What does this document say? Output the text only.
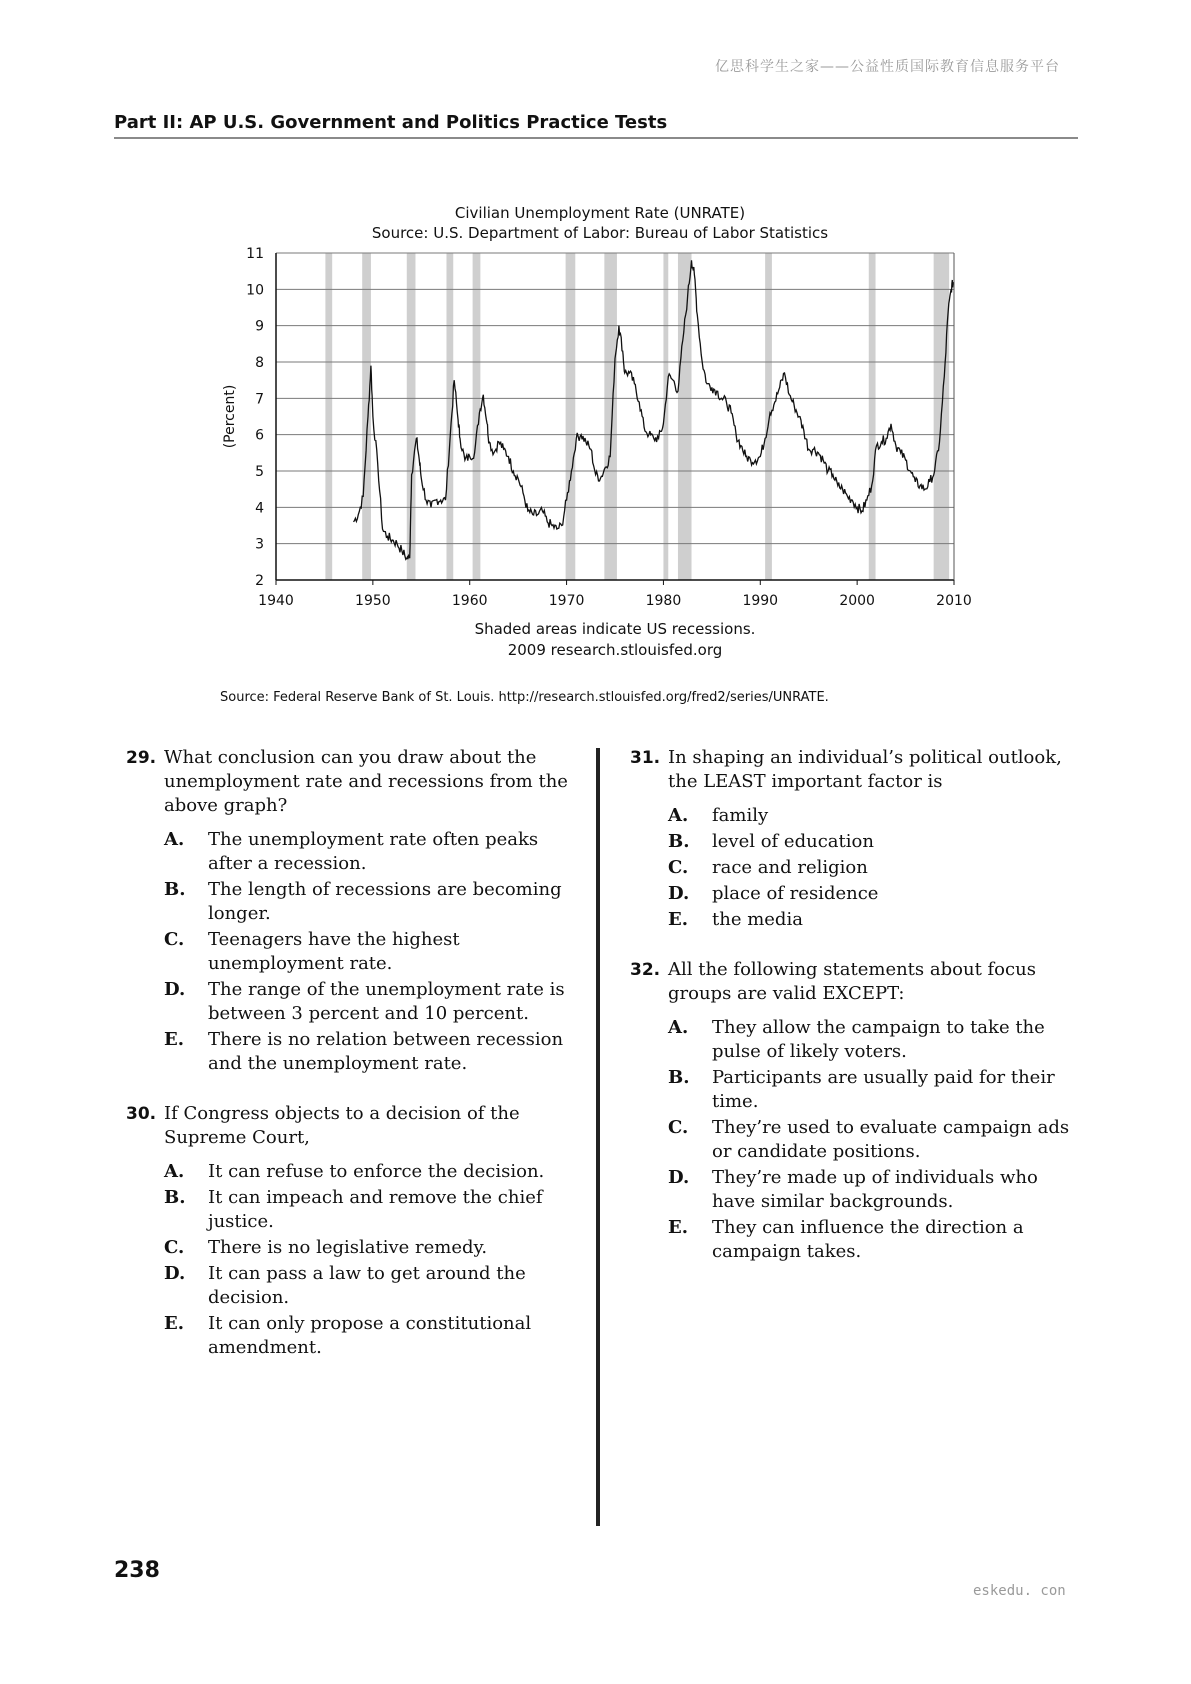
亿思科学生之家——公益性质国际教育信息服务平台
Part II: AP U.S. Government and Politics Practice Tests
2
3
4
5
6
7
8
9
10
11
1940	1950	1960	1970	1980	1990	2000	2010
Civilian Unemployment Rate (UNRATE)
Source: U.S. Department of Labor: Bureau of Labor Statistics
(Percent)
Shaded areas indicate US recessions.
2009 research.stlouisfed.org
Source: Federal Reserve Bank of St. Louis. http://research.stlouisfed.org/fred2/series/UNRATE.
29. What conclusion can you draw about the unemployment rate and recessions from the above graph?
A.	The unemployment rate often peaks after a recession.
B.	The length of recessions are becoming longer.
C.	Teenagers have the highest unemployment rate.
D.	The range of the unemployment rate is between 3 percent and 10 percent.
E.	There is no relation between recession and the unemployment rate.
30. If Congress objects to a decision of the Supreme Court,
A.	It can refuse to enforce the decision.
B.	It can impeach and remove the chief justice.
C.	There is no legislative remedy.
D.	It can pass a law to get around the decision.
E.	It can only propose a constitutional amendment.
31. In shaping an individual’s political outlook, the LEAST important factor is
A.	family
B.	level of education
C.	race and religion
D.	place of residence
E.	the media
32. All the following statements about focus groups are valid EXCEPT:
A.	They allow the campaign to take the pulse of likely voters.
B.	Participants are usually paid for their time.
C.	They’re used to evaluate campaign ads or candidate positions.
D.	They’re made up of individuals who have similar backgrounds.
E.	They can influence the direction a campaign takes.
238
eskedu. con
